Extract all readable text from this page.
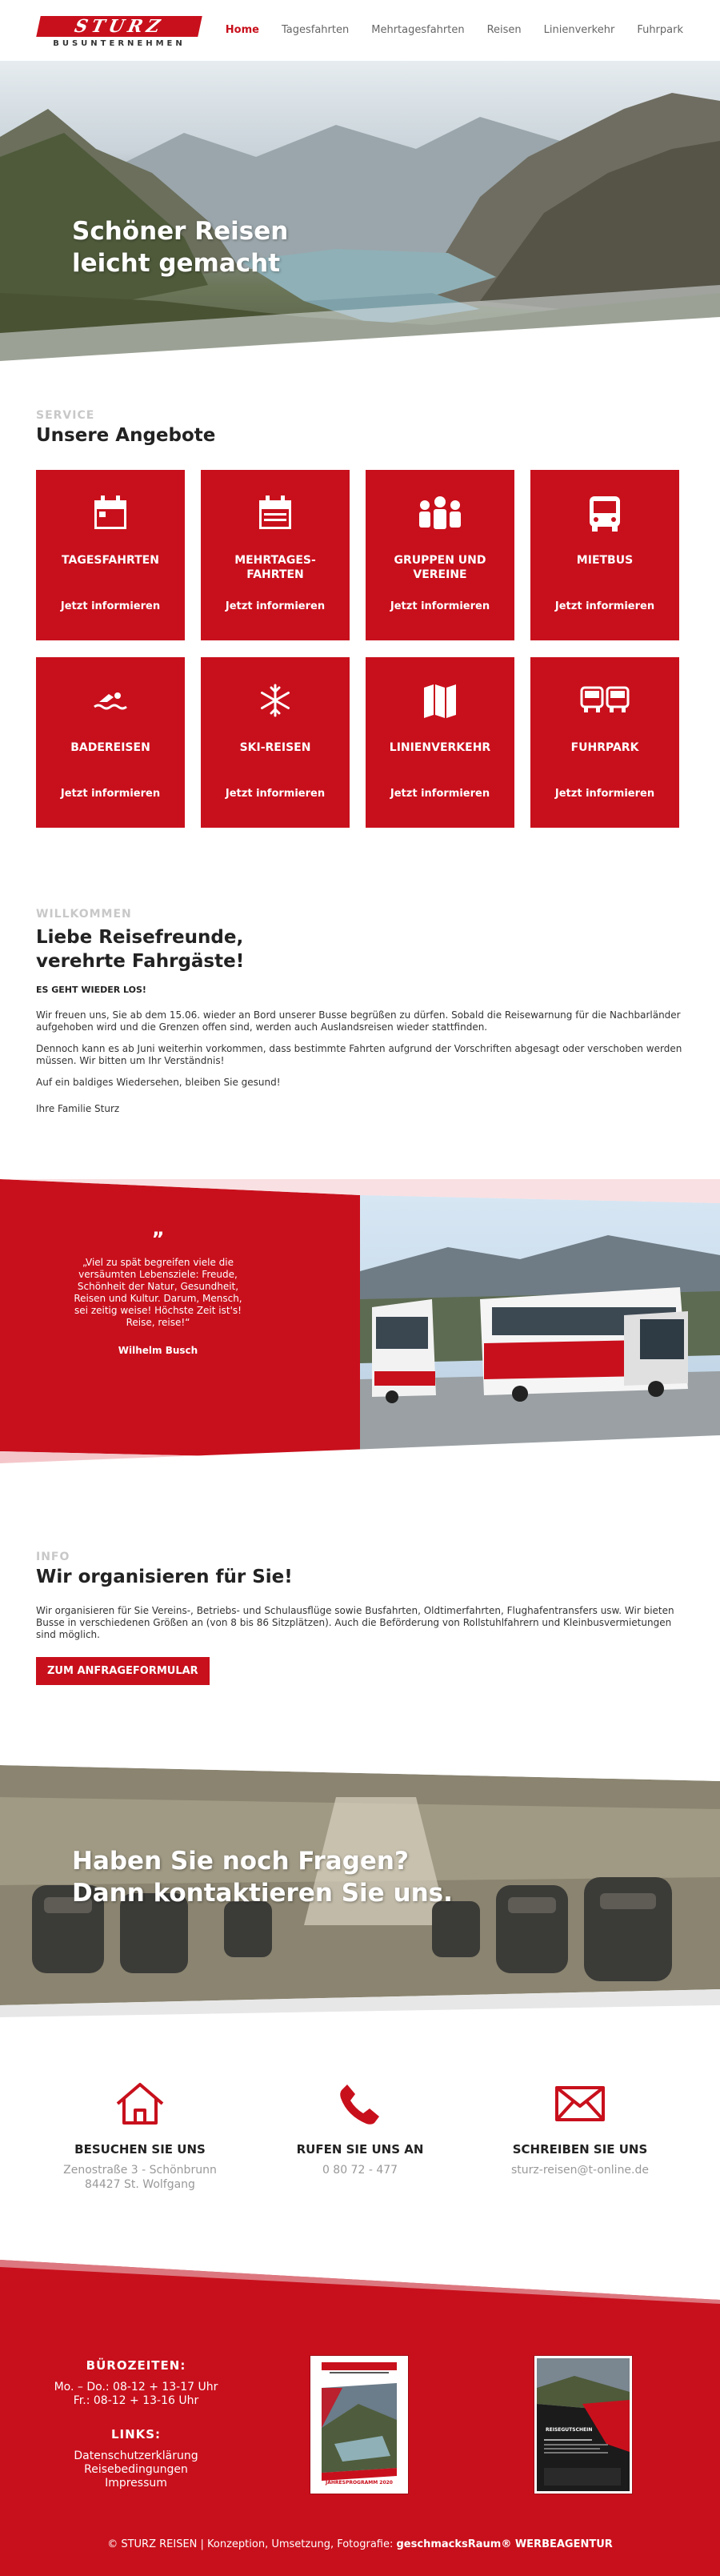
STURZ
BUSUNTERNEHMEN
Home Tagesfahrten Mehrtagesfahrten Reisen Linienverkehr Fuhrpark
Schöner Reisen
leicht gemacht
SERVICE
Unsere Angebote
TAGESFAHRTEN
Jetzt informieren
MEHRTAGES-FAHRTEN
Jetzt informieren
GRUPPEN UND VEREINE
Jetzt informieren
MIETBUS
Jetzt informieren
BADEREISEN
Jetzt informieren
SKI-REISEN
Jetzt informieren
LINIENVERKEHR
Jetzt informieren
FUHRPARK
Jetzt informieren
WILLKOMMEN
Liebe Reisefreunde,
verehrte Fahrgäste!
ES GEHT WIEDER LOS!

Wir freuen uns, Sie ab dem 15.06. wieder an Bord unserer Busse begrüßen zu dürfen. Sobald die Reisewarnung für die Nachbarländer aufgehoben wird und die Grenzen offen sind, werden auch Auslandsreisen wieder stattfinden.

Dennoch kann es ab Juni weiterhin vorkommen, dass bestimmte Fahrten aufgrund der Vorschriften abgesagt oder verschoben werden müssen. Wir bitten um Ihr Verständnis!

Auf ein baldiges Wiedersehen, bleiben Sie gesund!

Ihre Familie Sturz

”
„Viel zu spät begreifen viele die versäumten Lebensziele: Freude, Schönheit der Natur, Gesundheit, Reisen und Kultur. Darum, Mensch, sei zeitig weise! Höchste Zeit ist's! Reise, reise!“
Wilhelm Busch
INFO
Wir organisieren für Sie!

Wir organisieren für Sie Vereins-, Betriebs- und Schulausflüge sowie Busfahrten, Oldtimerfahrten, Flughafentransfers usw. Wir bieten Busse in verschiedenen Größen an (von 8 bis 86 Sitzplätzen). Auch die Beförderung von Rollstuhlfahrern und Kleinbusvermietungen sind möglich.

ZUM ANFRAGEFORMULAR
Haben Sie noch Fragen?
Dann kontaktieren Sie uns.
BESUCHEN SIE UNS
Zenostraße 3 - Schönbrunn
84427 St. Wolfgang
RUFEN SIE UNS AN
0 80 72 - 477
SCHREIBEN SIE UNS
sturz-reisen@t-online.de
BÜROZEITEN:
Mo. – Do.: 08-12 + 13-17 Uhr
Fr.: 08-12 + 13-16 Uhr
LINKS:
Datenschutzerklärung
Reisebedingungen
Impressum	JAHRESPROGRAMM 2020
REISEGUTSCHEIN
© STURZ REISEN | Konzeption, Umsetzung, Fotografie: geschmacksRaum® WERBEAGENTUR
